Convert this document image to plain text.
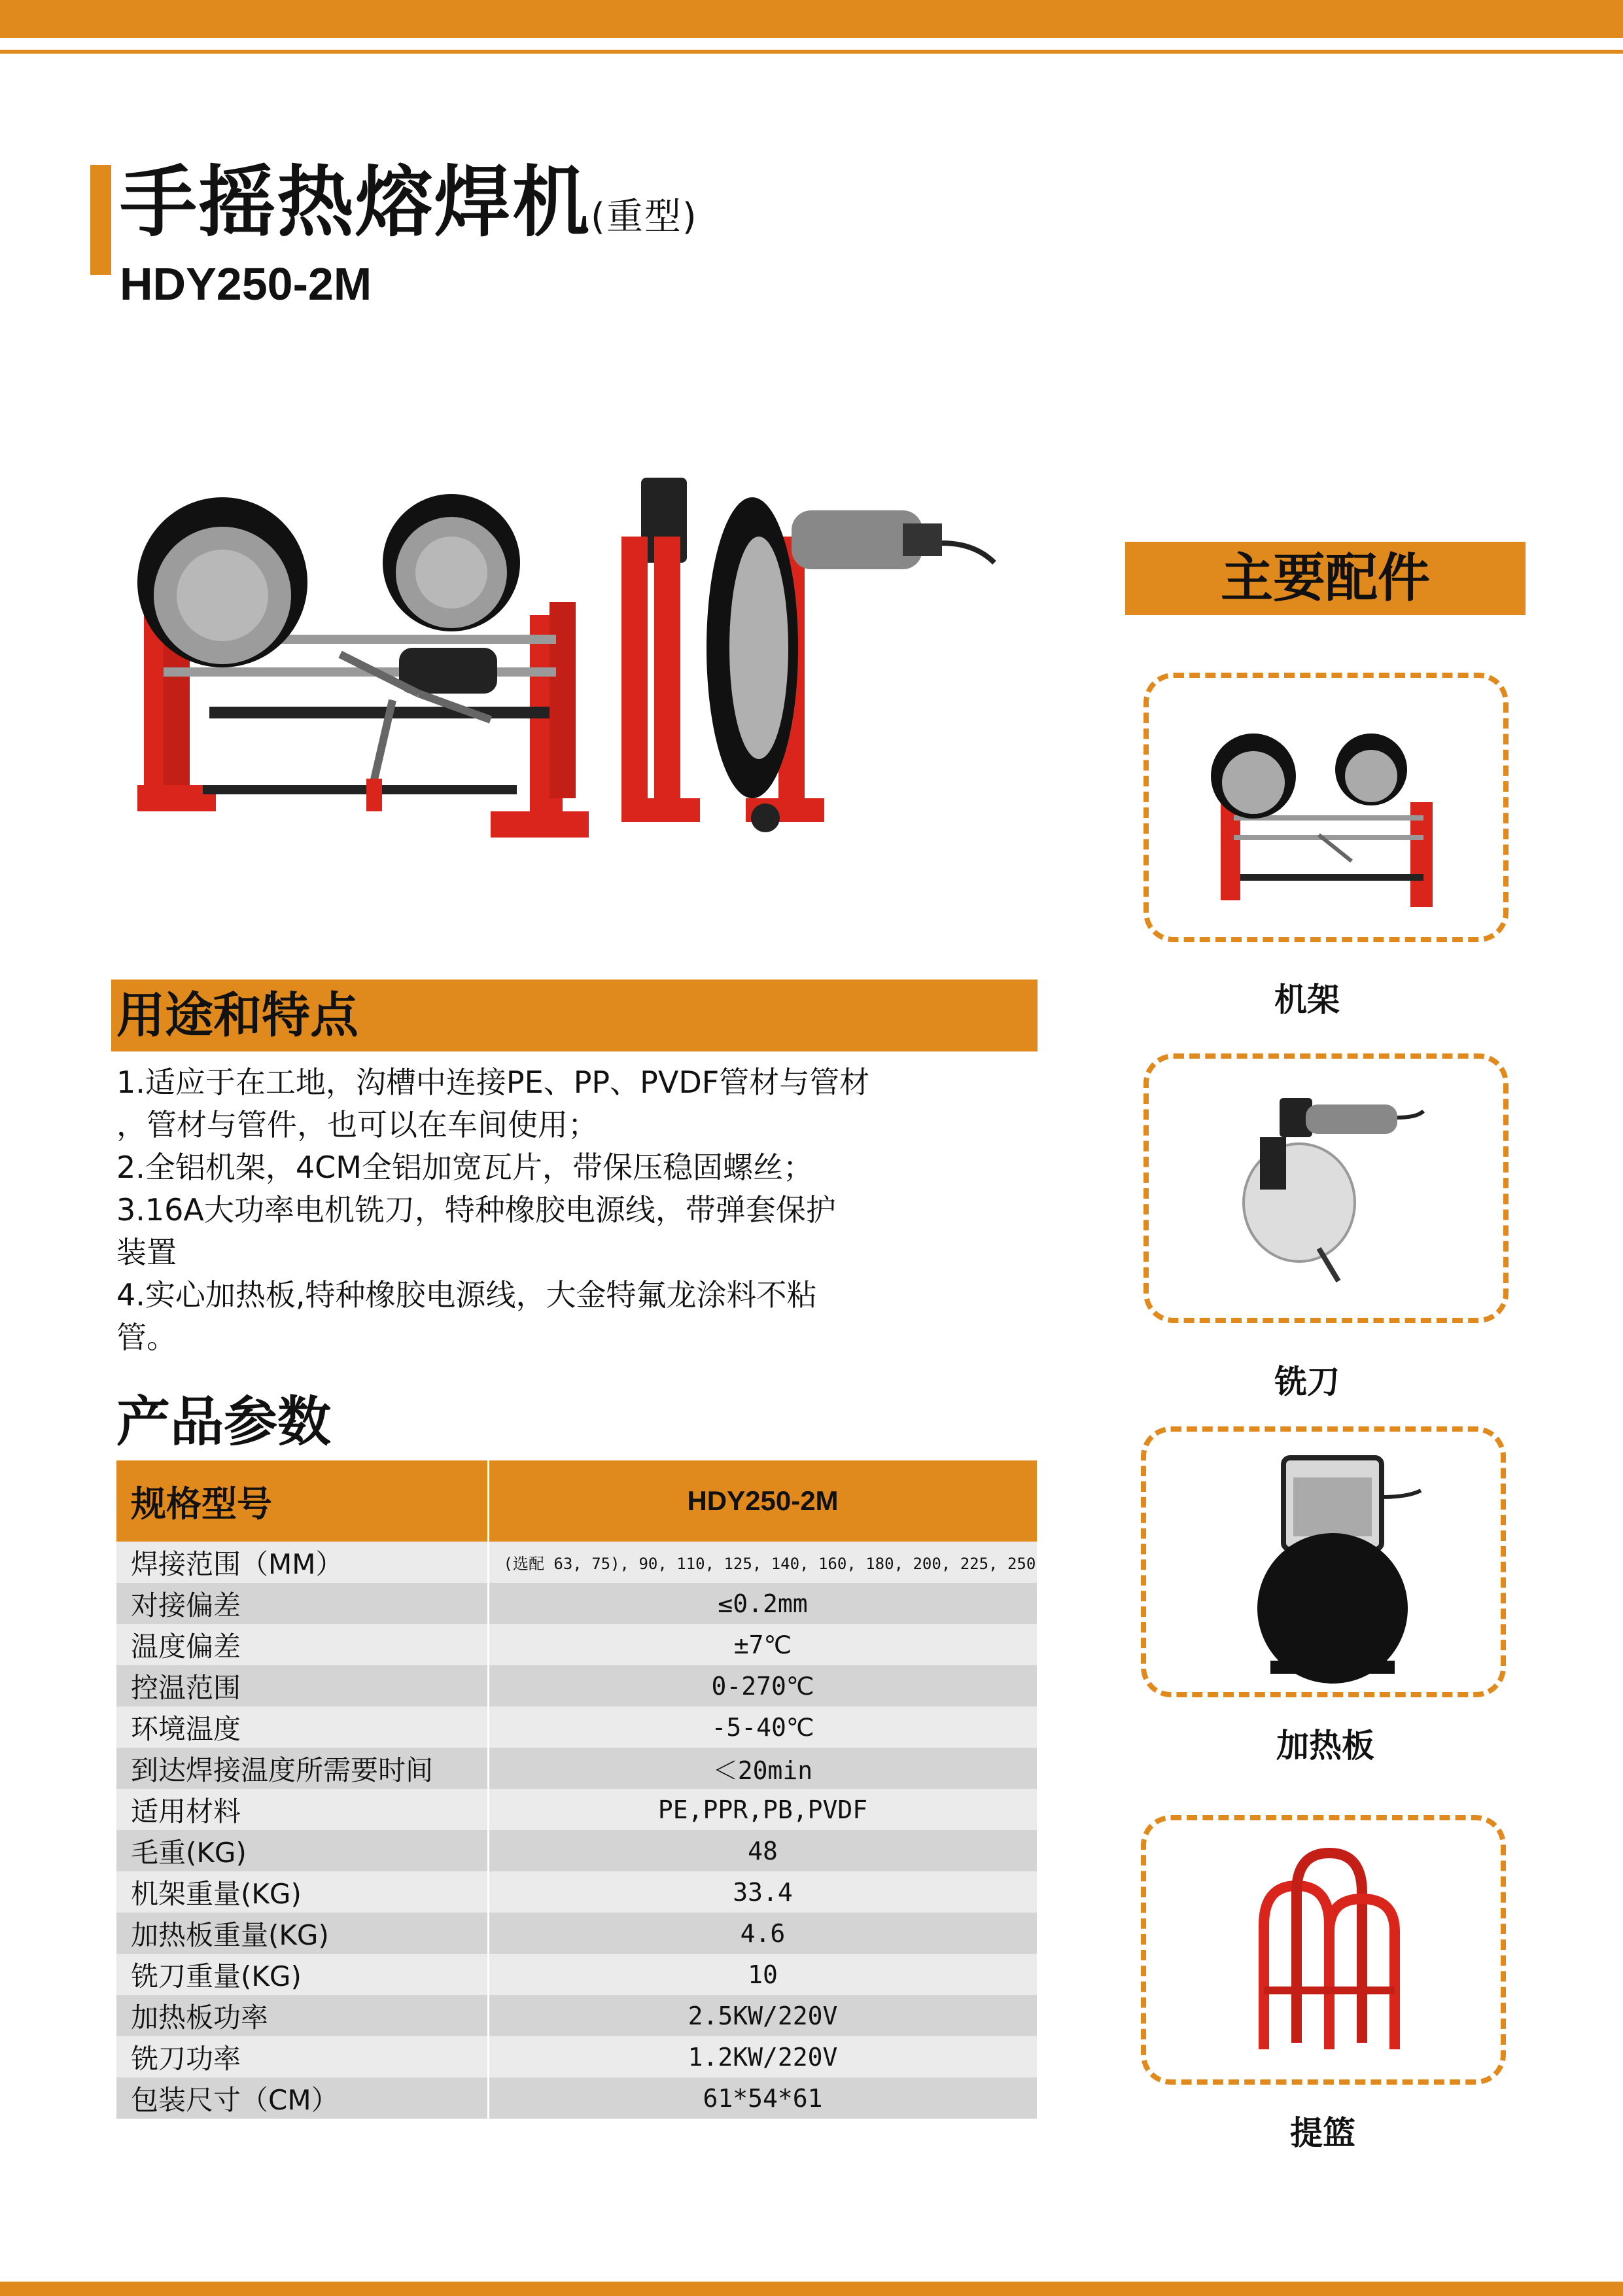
手摇热熔焊机(重型)
HDY250-2M
用途和特点
1.适应于在工地，沟槽中连接PE、PP、PVDF管材与管材
，管材与管件，也可以在车间使用；
2.全铝机架，4CM全铝加宽瓦片，带保压稳固螺丝；
3.16A大功率电机铣刀，特种橡胶电源线，带弹套保护
装置
4.实心加热板,特种橡胶电源线，大金特氟龙涂料不粘
管。
产品参数
规格型号	HDY250-2M
焊接范围（MM）	(选配 63, 75), 90, 110, 125, 140, 160, 180, 200, 225, 250
对接偏差	≤0.2mm
温度偏差	±7℃
控温范围	0-270℃
环境温度	-5-40℃
到达焊接温度所需要时间	＜20min
适用材料	PE,PPR,PB,PVDF
毛重(KG)	48
机架重量(KG)	33.4
加热板重量(KG)	4.6
铣刀重量(KG)	10
加热板功率	2.5KW/220V
铣刀功率	1.2KW/220V
包装尺寸（CM）	61*54*61
主要配件
机架
铣刀
加热板
提篮
